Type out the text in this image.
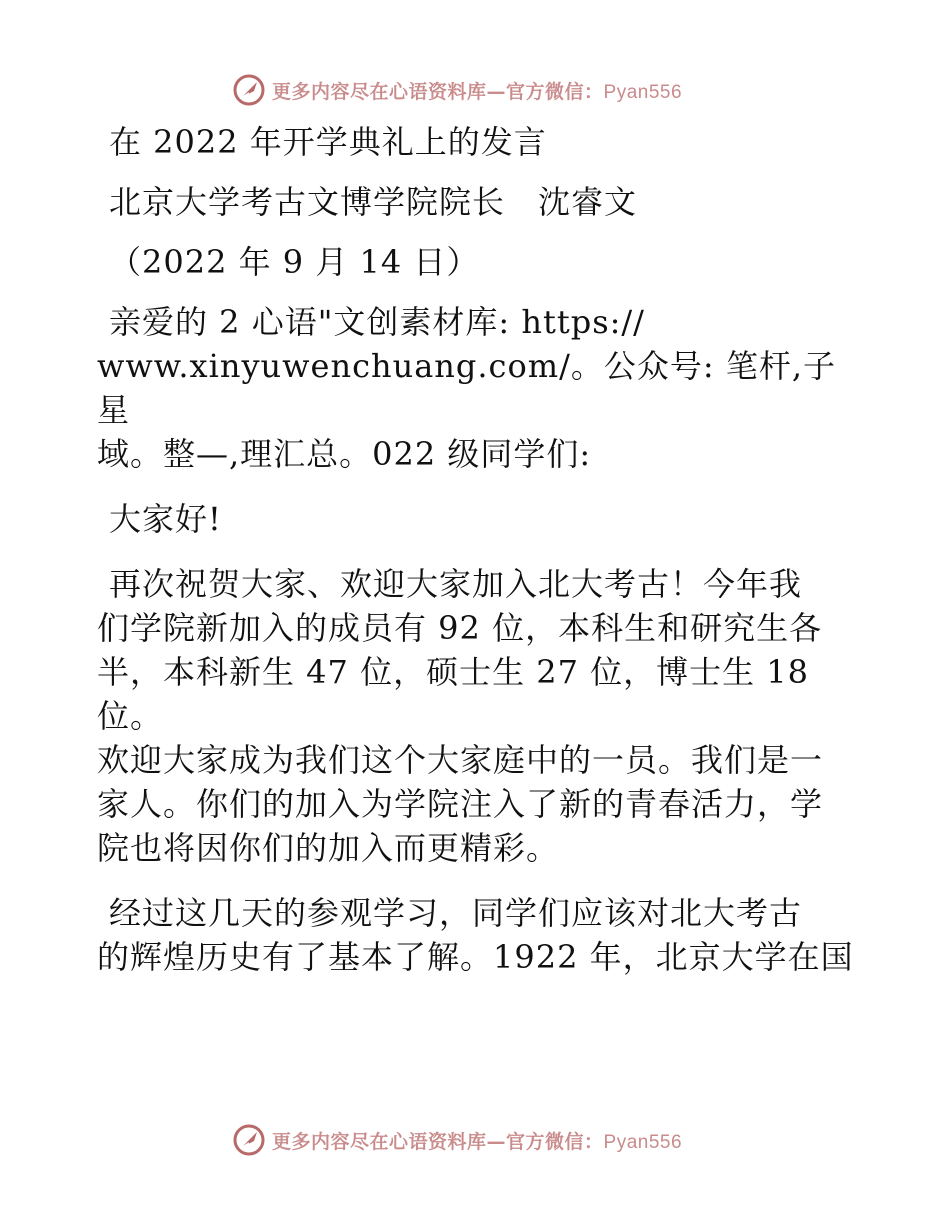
更多内容尽在心语资料库—官方微信：Pyan556

在 2022 年开学典礼上的发言

北京大学考古文博学院院长　沈睿文

（2022 年 9 月 14 日）

亲爱的 2 心语"文创素材库: https://
www.xinyuwenchuang.com/。公众号: 笔杆,子星
域。整—,理汇总。022 级同学们:

大家好!

再次祝贺大家、欢迎大家加入北大考古！今年我
们学院新加入的成员有 92 位，本科生和研究生各
半，本科新生 47 位，硕士生 27 位，博士生 18 位。
欢迎大家成为我们这个大家庭中的一员。我们是一
家人。你们的加入为学院注入了新的青春活力，学
院也将因你们的加入而更精彩。

经过这几天的参观学习，同学们应该对北大考古
的辉煌历史有了基本了解。1922 年，北京大学在国

更多内容尽在心语资料库—官方微信：Pyan556
